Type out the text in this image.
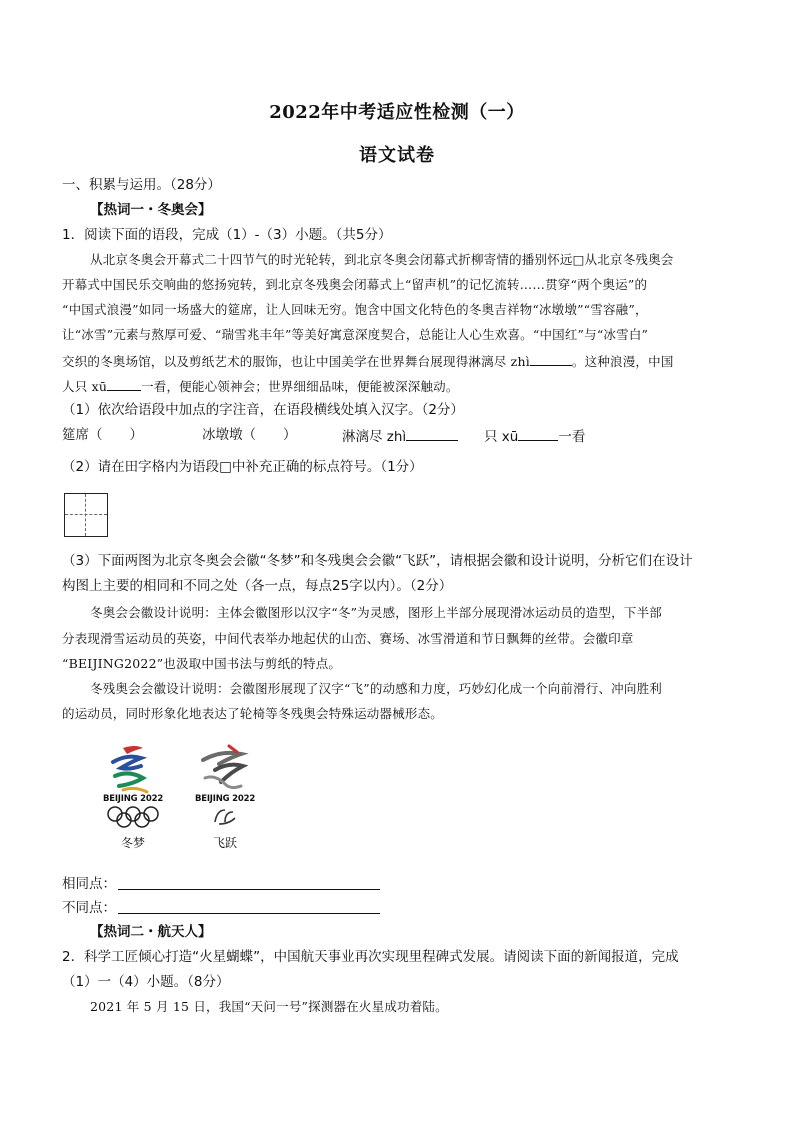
2022年中考适应性检测（一）
语文试卷
一、积累与运用。（28分）
【热词一・冬奥会】
1．阅读下面的语段，完成（1）-（3）小题。（共5分）
从北京冬奥会开幕式二十四节气的时光轮转，到北京冬奥会闭幕式折柳寄情的播别怀远□从北京冬残奥会
开幕式中国民乐交响曲的悠扬宛转，到北京冬残奥会闭幕式上“留声机”的记忆流转……贯穿“两个奥运”的
“中国式浪漫”如同一场盛大的筵席，让人回味无穷。饱含中国文化特色的冬奥吉祥物“冰墩墩”“雪容融”，
让“冰雪”元素与熬厚可爱、“瑞雪兆丰年”等美好寓意深度契合，总能让人心生欢喜。“中国红”与“冰雪白”
交织的冬奥场馆，以及剪纸艺术的服饰，也让中国美学在世界舞台展现得淋漓尽 zhì	。这种浪漫，中国
人只 xū	一看，便能心领神会；世界细细品味，便能被深深触动。
（1）依次给语段中加点的字注音，在语段横线处填入汉字。（2分）
筵席（　　）	冰墩墩（　　）	淋漓尽 zhì	只 xū	一看
（2）请在田字格内为语段□中补充正确的标点符号。（1分）
（3）下面两图为北京冬奥会会徽“冬梦”和冬残奥会会徽“飞跃”，请根据会徽和设计说明，分析它们在设计
构图上主要的相同和不同之处（各一点，每点25字以内）。（2分）
冬奥会会徽设计说明：主体会徽图形以汉字“冬”为灵感，图形上半部分展现滑冰运动员的造型，下半部
分表现滑雪运动员的英姿，中间代表举办地起伏的山峦、赛场、冰雪滑道和节日飘舞的丝带。会徽印章
“BEIJING2022”也汲取中国书法与剪纸的特点。
冬残奥会会徽设计说明：会徽图形展现了汉字“飞”的动感和力度，巧妙幻化成一个向前滑行、冲向胜利
的运动员，同时形象化地表达了轮椅等冬残奥会特殊运动器械形态。
BEIJING 2022
冬梦
BEIJING 2022
飞跃
相同点：
不同点：
【热词二・航天人】
2．科学工匠倾心打造“火星蝴蝶”，中国航天事业再次实现里程碑式发展。请阅读下面的新闻报道，完成
（1）一（4）小题。（8分）
2021 年 5 月 15 日，我国“天问一号”探测器在火星成功着陆。
